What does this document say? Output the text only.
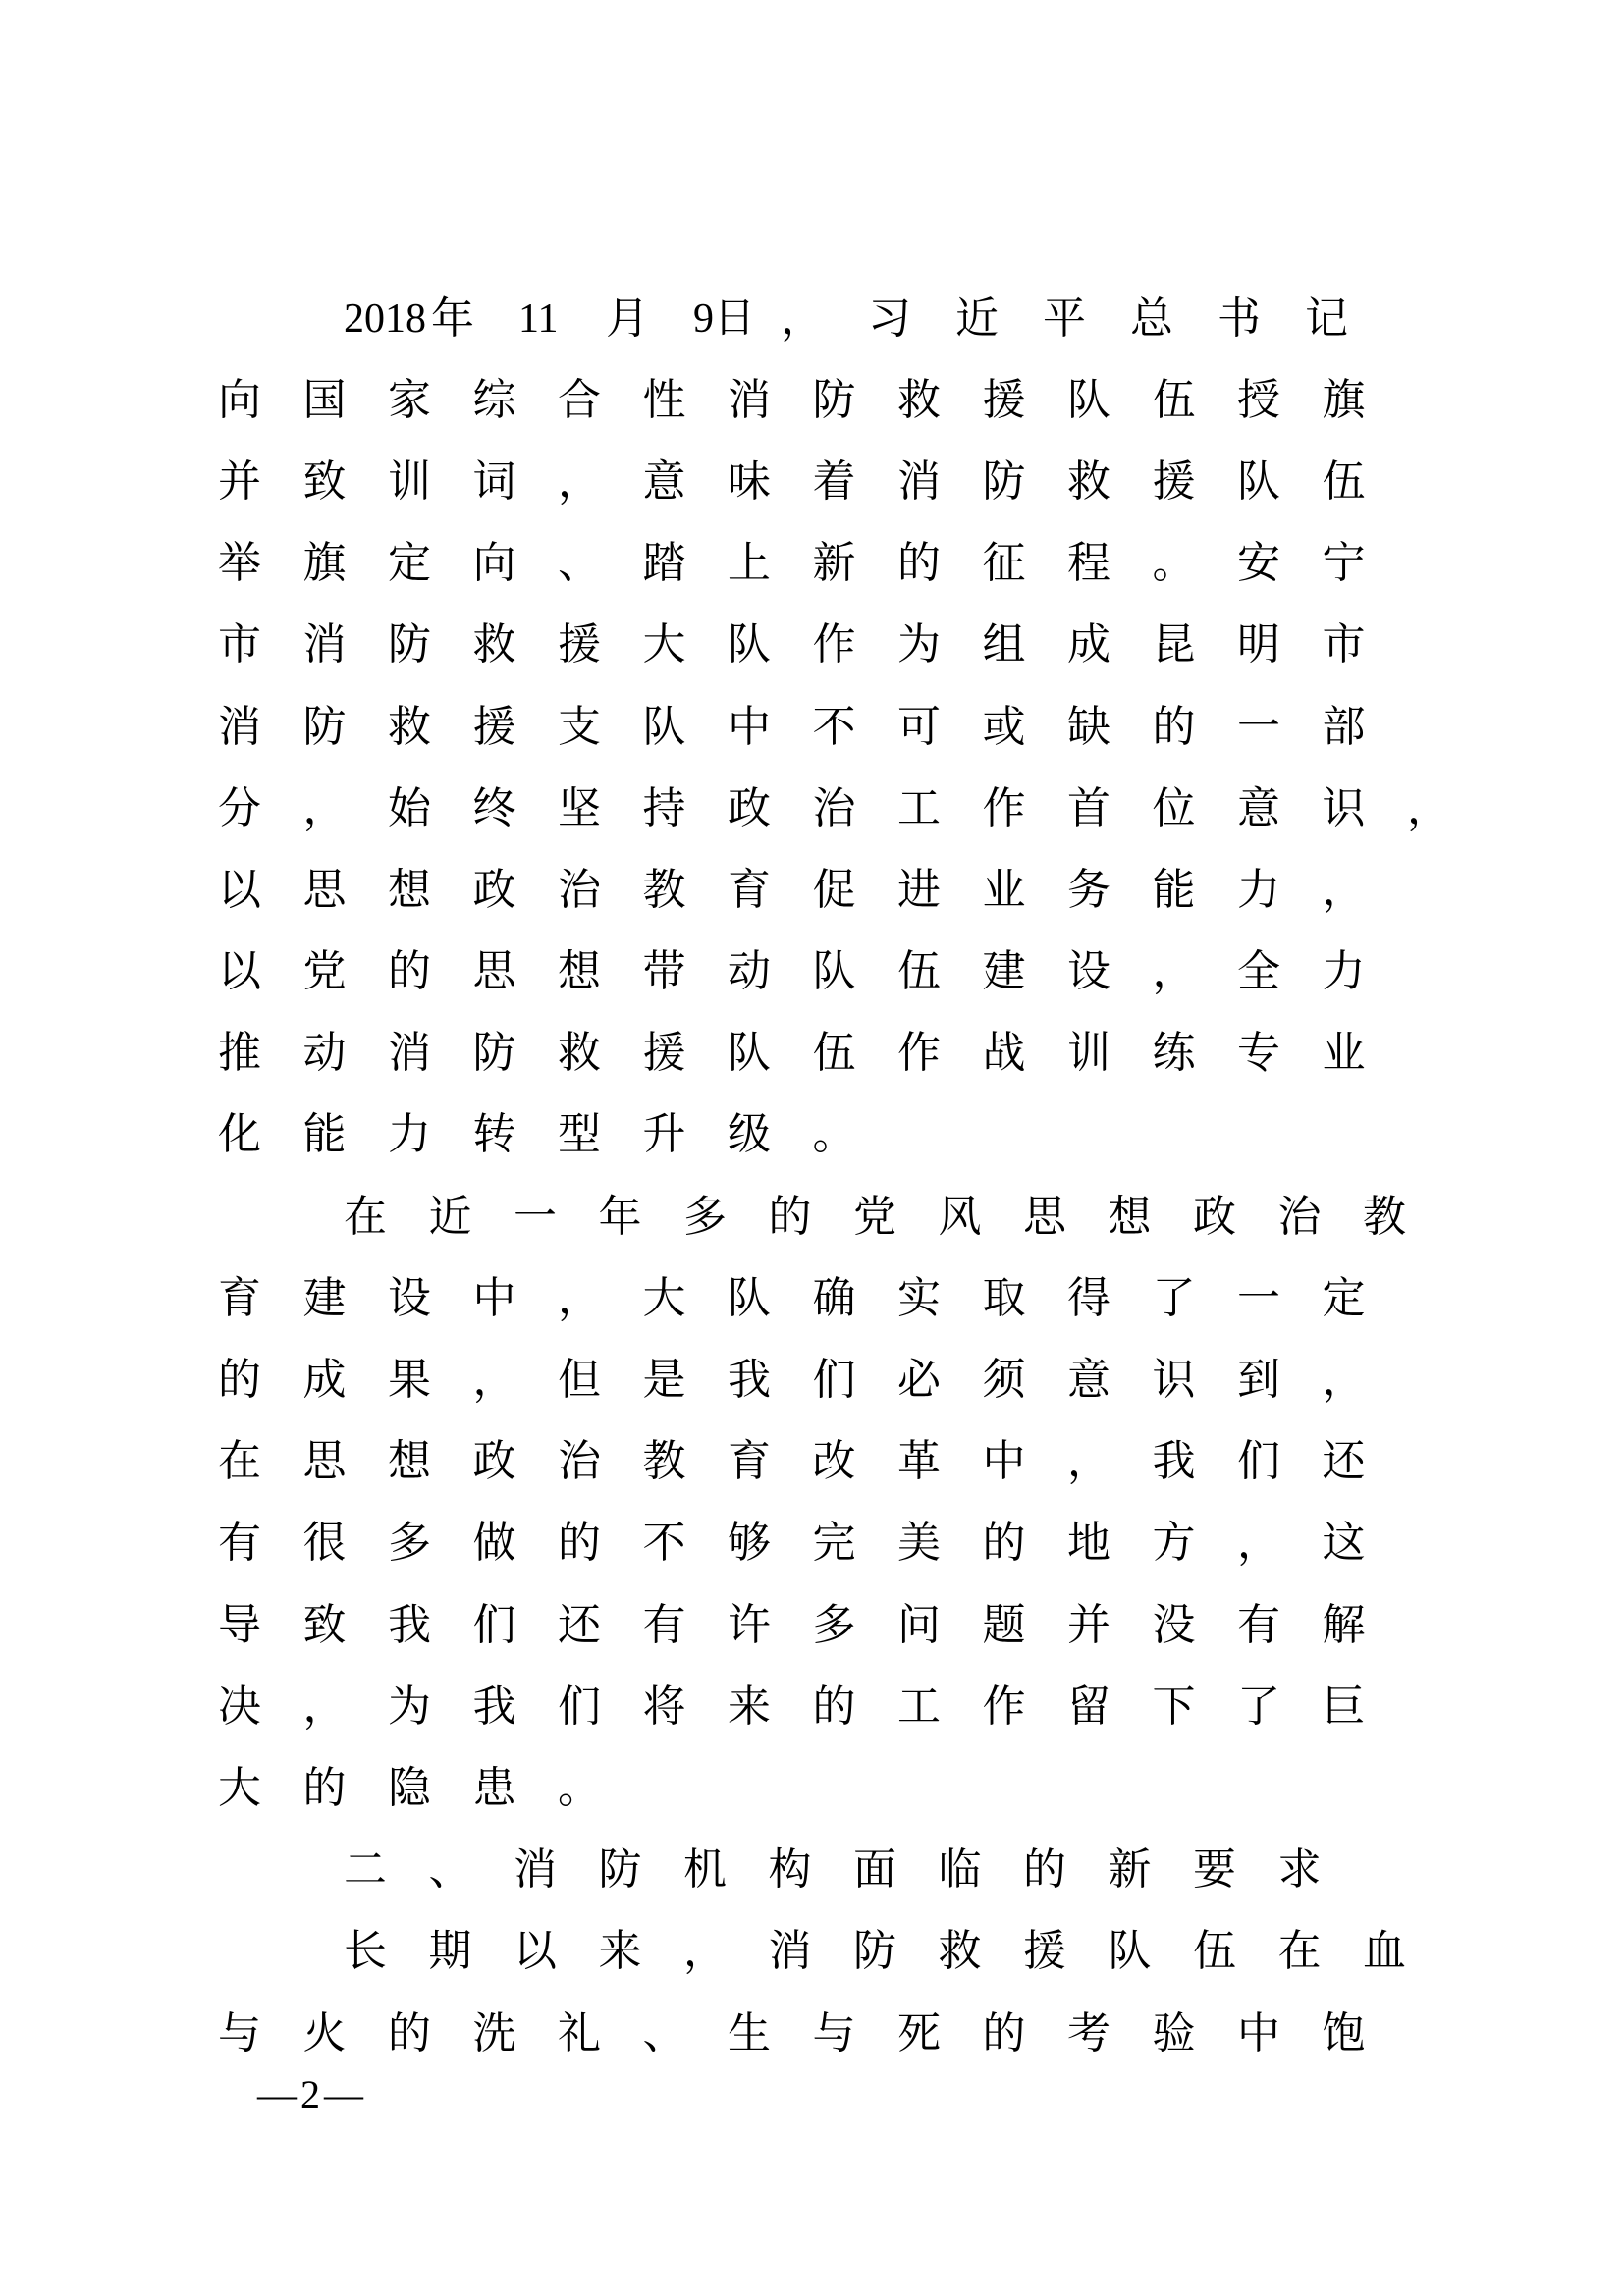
2018 年	11	月	9日 ，	习	近	平	总	书	记
向 国 家 综 合 性 消 防 救 援 队 伍 授 旗
并 致 训 词 ， 意 味 着 消 防 救 援 队 伍
举 旗 定 向 、 踏 上 新 的 征 程 。 安 宁
市 消 防 救 援 大 队 作 为 组 成 昆 明 市
消 防 救 援 支 队 中 不 可 或 缺 的 一 部
分 ， 始 终 坚 持 政 治 工 作 首 位 意 识 ，
以 思 想 政 治 教 育 促 进 业 务 能 力 ，
以 党 的 思 想 带 动 队 伍 建 设 ， 全 力
推 动 消 防 救 援 队 伍 作 战 训 练 专 业
化 能 力 转 型 升 级 。
在 近 一 年 多 的 党 风 思 想 政 治 教
育 建 设 中 ， 大 队 确 实 取 得 了 一 定
的 成 果 ， 但 是 我 们 必 须 意 识 到 ，
在 思 想 政 治 教 育 改 革 中 ， 我 们 还
有 很 多 做 的 不 够 完 美 的 地 方 ， 这
导 致 我 们 还 有 许 多 问 题 并 没 有 解
决 ， 为 我 们 将 来 的 工 作 留 下 了 巨
大 的 隐 患 。
二 、 消 防 机 构 面 临 的 新 要 求
长 期 以 来 ， 消 防 救 援 队 伍 在 血
与 火 的 洗 礼 、 生 与 死 的 考 验 中 饱
—2—
